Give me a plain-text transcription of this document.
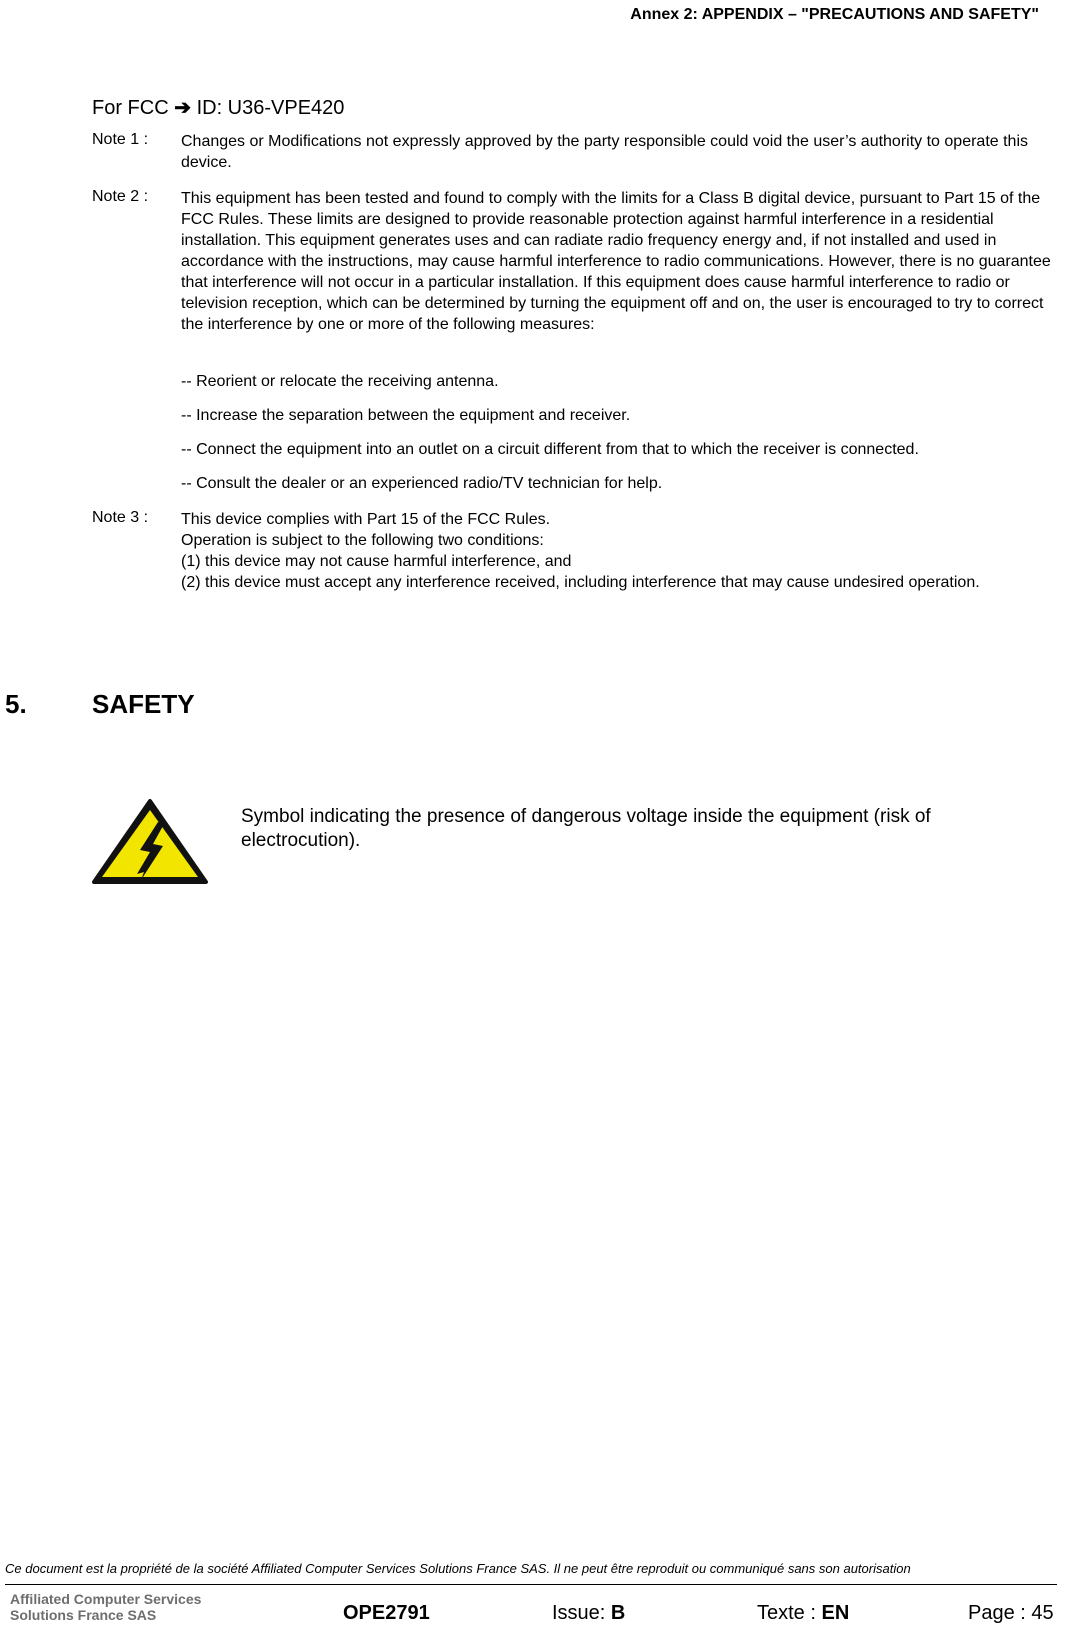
Annex 2: APPENDIX – "PRECAUTIONS AND SAFETY"
For FCC ➔ ID: U36-VPE420
Note 1 : Changes or Modifications not expressly approved by the party responsible could void the user’s authority to operate this device.

Note 2 : This equipment has been tested and found to comply with the limits for a Class B digital device, pursuant to Part 15 of the FCC Rules. These limits are designed to provide reasonable protection against harmful interference in a residential installation. This equipment generates uses and can radiate radio frequency energy and, if not installed and used in accordance with the instructions, may cause harmful interference to radio communications. However, there is no guarantee that interference will not occur in a particular installation. If this equipment does cause harmful interference to radio or television reception, which can be determined by turning the equipment off and on, the user is encouraged to try to correct the interference by one or more of the following measures:

-- Reorient or relocate the receiving antenna.
-- Increase the separation between the equipment and receiver.
-- Connect the equipment into an outlet on a circuit different from that to which the receiver is connected.
-- Consult the dealer or an experienced radio/TV technician for help.
Note 3 : This device complies with Part 15 of the FCC Rules.

Operation is subject to the following two conditions:

(1) this device may not cause harmful interference, and

(2) this device must accept any interference received, including interference that may cause undesired operation.

5.	SAFETY
Symbol indicating the presence of dangerous voltage inside the equipment (risk of electrocution).
Ce document est la propriété de la société Affiliated Computer Services Solutions France SAS. Il ne peut être reproduit ou communiqué sans son autorisation
Affiliated Computer Services
Solutions France SAS	OPE2791	Issue: B	Texte : EN	Page : 45
